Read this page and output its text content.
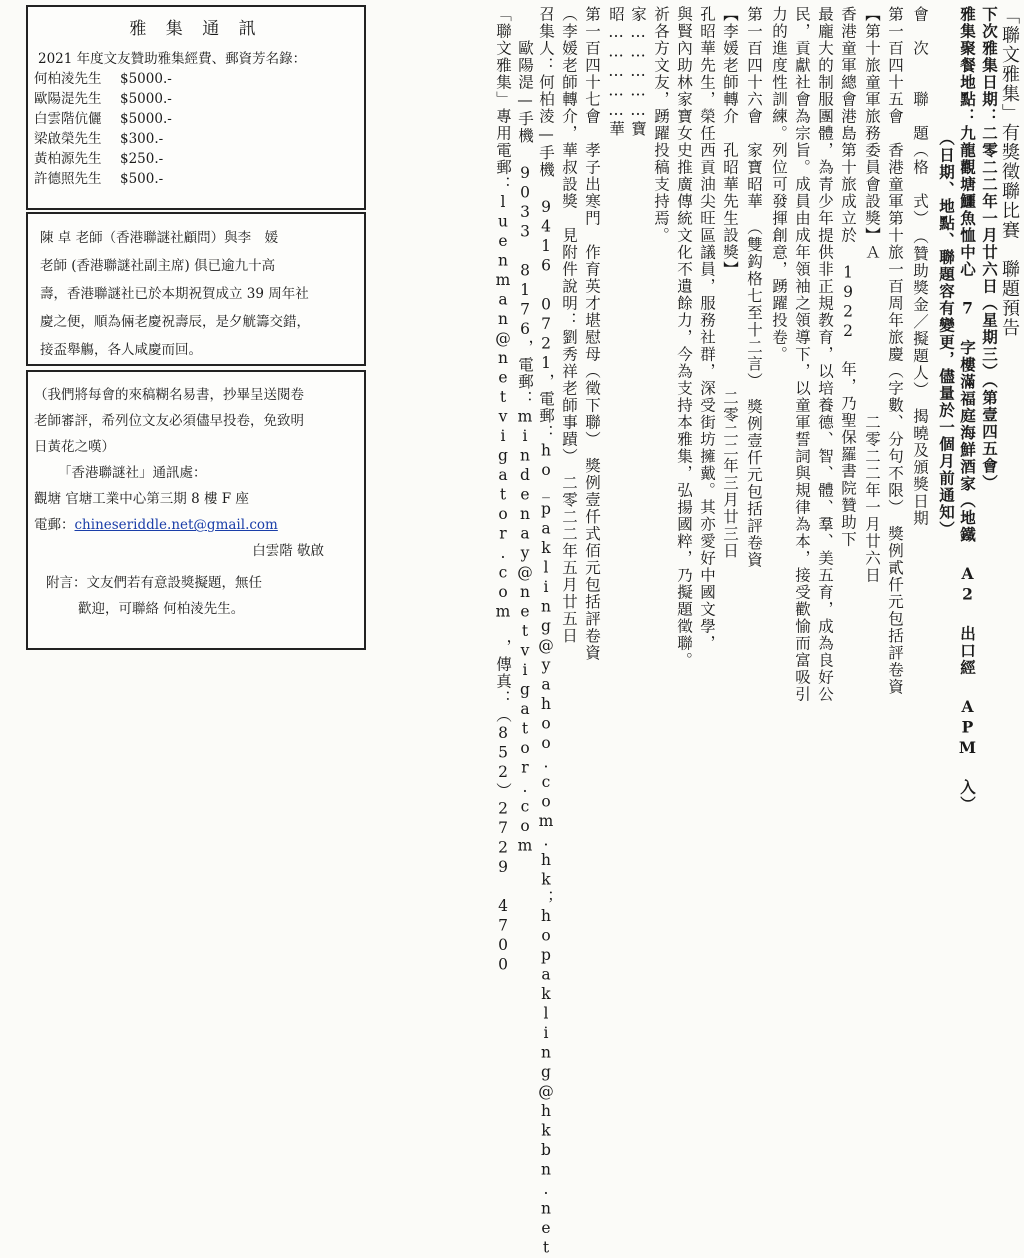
雅 集 通 訊
2021 年度文友贊助雅集經費、郵資芳名錄：
何柏淩先生 $5000.-
歐陽湜先生 $5000.-
白雲階伉儷 $5000.-
梁啟榮先生 $300.-
黃柏源先生 $250.-
許德照先生 $500.-
陳 卓 老師（香港聯謎社顧問）與李　媛
老師 (香港聯謎社副主席) 俱已逾九十高
壽，香港聯謎社已於本期祝賀成立 39 周年社
慶之便，順為倆老慶祝壽辰，是夕觥籌交錯，
接盃舉觴，各人咸慶而回。
（我們將每會的來稿糊名易書，抄畢呈送閱卷
老師審評，希列位文友必須儘早投卷，免致明
日黃花之嘆）
「香港聯謎社」通訊處：
觀塘 官塘工業中心第三期 8 樓 F 座
電郵：chineseriddle.net@gmail.com
白雲階 敬啟
附言：文友們若有意設獎擬題，無任
歡迎，可聯絡 何柏淩先生。
「聯文雅集」有獎徵聯比賽　聯題預告
下次雅集日期：二零二二年一月廿六日（星期三）（第壹四五會）
雅集聚餐地點：九龍觀塘鱷魚恤中心 7 字樓滿福庭海鮮酒家（地鐵 A2 出口經 APM 入）
（日期、地點、聯題容有變更，儘量於一個月前通知）
會　次　　聯　題（格　式）　（贊助獎金／擬題人）　揭曉及頒獎日期
第一百四十五會　香港童軍第十旅一百周年旅慶（字數、分句不限）　獎例貳仟元包括評卷資
【第十旅童軍旅務委員會設獎】Ａ　　　　　　　　　二零二二年一月廿六日
香港童軍總會港島第十旅成立於 1922 年，乃聖保羅書院贊助下
最龐大的制服團體，為青少年提供非正規教育，以培養德、智、體、羣、美五育，成為良好公
民，貢獻社會為宗旨。成員由成年領袖之領導下，以童軍誓詞與規律為本，接受歡愉而富吸引
力的進度性訓練。列位可發揮創意，踴躍投卷。
第一百四十六會　家寶昭華　（雙鈎格七至十二言）　獎例壹仟元包括評卷資
【李媛老師轉介　孔昭華先生設獎】　　　　　　　二零二二年三月廿三日
孔昭華先生，榮任西貢油尖旺區議員，服務社群，深受街坊擁戴。其亦愛好中國文學，
與賢內助林家寶女史推廣傳統文化不遺餘力，今為支持本雅集，弘揚國粹，乃擬題徵聯。
祈各方文友，踴躍投稿支持焉。
家……………寶
昭……………華
第一百四十七會　孝子出寒門　作育英才堪慰母（徵下聯）　獎例壹仟式佰元包括評卷資
（李媛老師轉介，華叔設獎　見附件說明：劉秀祥老師事蹟）　二零二二年五月廿五日
召集人：何柏淩—手機 9416 0721，電郵：ho_pakling@yahoo.com.hk；hopakling@hkbn.net
歐陽湜—手機 9033 8176，電郵：mindenay@netvigator.com
「聯文雅集」專用電郵：luenman@netvigator.com　，傳真：（852）2729 4700
